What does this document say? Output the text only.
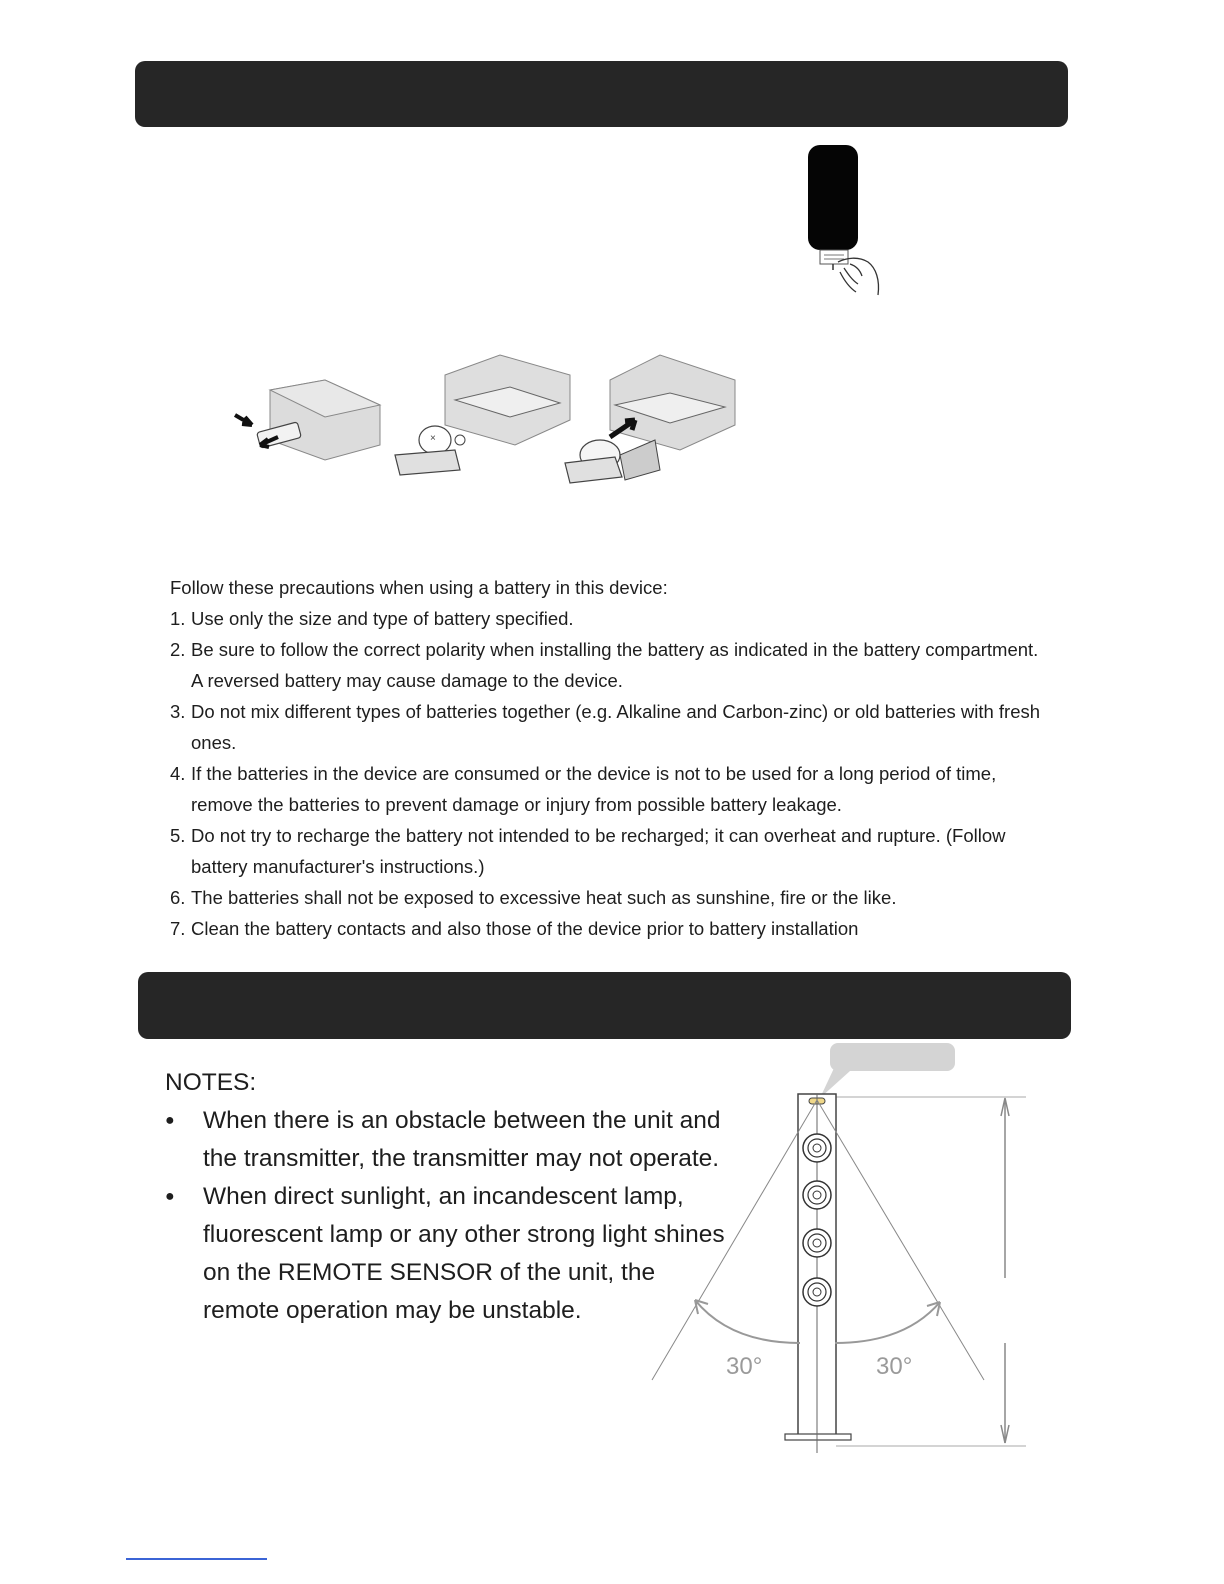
×

Follow these precautions when using a battery in this device:

1. Use only the size and type of battery specified.
2. Be sure to follow the correct polarity when installing the battery as indicated in the battery compartment. A reversed battery may cause damage to the device.
3. Do not mix different types of batteries together (e.g. Alkaline and Carbon-zinc) or old batteries with fresh ones.
4. If the batteries in the device are consumed or the device is not to be used for a long period of time, remove the batteries to prevent damage or injury from possible battery leakage.
5. Do not try to recharge the battery not intended to be recharged; it can overheat and rupture. (Follow battery manufacturer's instructions.)
6. The batteries shall not be exposed to excessive heat such as sunshine, fire or the like.
7. Clean the battery contacts and also those of the device prior to battery installation

NOTES:

● When there is an obstacle between the unit and the transmitter, the transmitter may not operate.
● When direct sunlight, an incandescent lamp, fluorescent lamp or any other strong light shines on the REMOTE SENSOR of the unit, the remote operation may be unstable.
30°	30°
